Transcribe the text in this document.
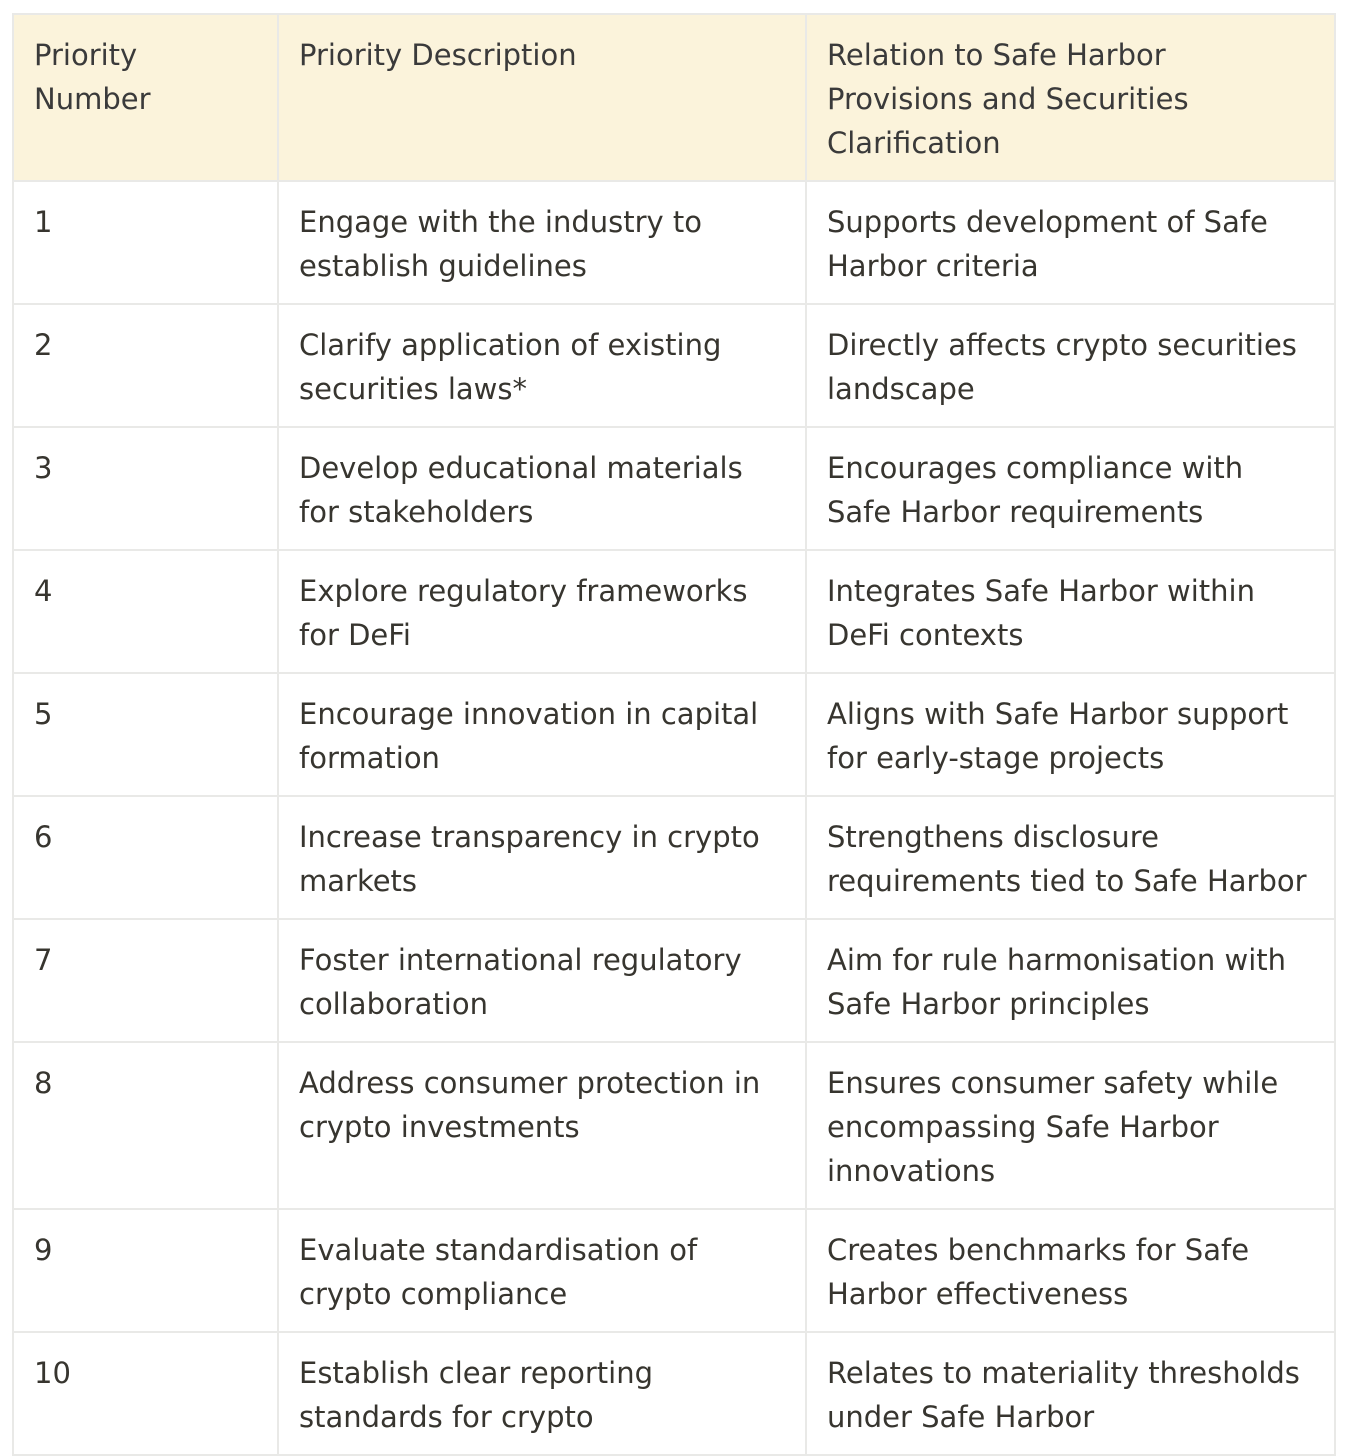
Priority Number	Priority Description	Relation to Safe Harbor Provisions and Securities Clarification
1	Engage with the industry to establish guidelines	Supports development of Safe Harbor criteria
2	Clarify application of existing securities laws*	Directly affects crypto securities landscape
3	Develop educational materials for stakeholders	Encourages compliance with Safe Harbor requirements
4	Explore regulatory frameworks for DeFi	Integrates Safe Harbor within DeFi contexts
5	Encourage innovation in capital formation	Aligns with Safe Harbor support for early-stage projects
6	Increase transparency in crypto markets	Strengthens disclosure requirements tied to Safe Harbor
7	Foster international regulatory collaboration	Aim for rule harmonisation with Safe Harbor principles
8	Address consumer protection in crypto investments	Ensures consumer safety while encompassing Safe Harbor innovations
9	Evaluate standardisation of crypto compliance	Creates benchmarks for Safe Harbor effectiveness
10	Establish clear reporting standards for crypto	Relates to materiality thresholds under Safe Harbor
